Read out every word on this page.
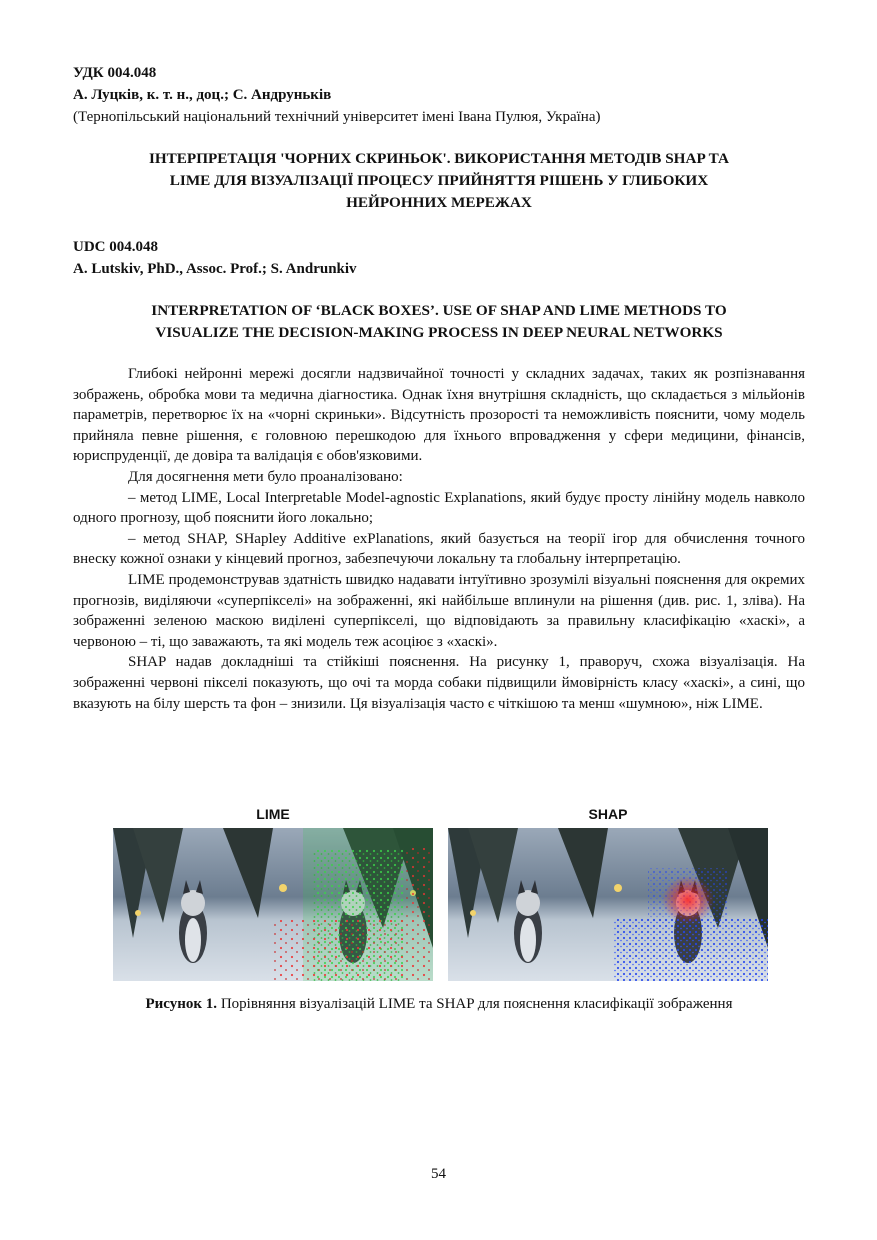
УДК 004.048
А. Луцків, к. т. н., доц.; С. Андруньків
(Тернопільський національний технічний університет імені Івана Пулюя, Україна)
ІНТЕРПРЕТАЦІЯ 'ЧОРНИХ СКРИНЬОК'. ВИКОРИСТАННЯ МЕТОДІВ SHAP ТА
LIME ДЛЯ ВІЗУАЛІЗАЦІЇ ПРОЦЕСУ ПРИЙНЯТТЯ РІШЕНЬ У ГЛИБОКИХ
НЕЙРОННИХ МЕРЕЖАХ
UDC 004.048
A. Lutskiv, PhD., Assoc. Prof.; S. Andrunkiv
INTERPRETATION OF ‘BLACK BOXES’. USE OF SHAP AND LIME METHODS TO
VISUALIZE THE DECISION-MAKING PROCESS IN DEEP NEURAL NETWORKS

Глибокі нейронні мережі досягли надзвичайної точності у складних задачах, таких як розпізнавання зображень, обробка мови та медична діагностика. Однак їхня внутрішня складність, що складається з мільйонів параметрів, перетворює їх на «чорні скриньки». Відсутність прозорості та неможливість пояснити, чому модель прийняла певне рішення, є головною перешкодою для їхнього впровадження у сфери медицини, фінансів, юриспруденції, де довіра та валідація є обов'язковими.

Для досягнення мети було проаналізовано:

– метод LIME, Local Interpretable Model-agnostic Explanations, який будує просту лінійну модель навколо одного прогнозу, щоб пояснити його локально;

– метод SHAP, SHapley Additive exPlanations, який базується на теорії ігор для обчислення точного внеску кожної ознаки у кінцевий прогноз, забезпечуючи локальну та глобальну інтерпретацію.

LIME продемонстрував здатність швидко надавати інтуїтивно зрозумілі візуальні пояснення для окремих прогнозів, виділяючи «суперпікселі» на зображенні, які найбільше вплинули на рішення (див. рис. 1, зліва). На зображенні зеленою маскою виділені суперпікселі, що відповідають за правильну класифікацію «хаскі», а червоною – ті, що заважають, та які модель теж асоціює з «хаскі».

SHAP надав докладніші та стійкіші пояснення. На рисунку 1, праворуч, схожа візуалізація. На зображенні червоні пікселі показують, що очі та морда собаки підвищили ймовірність класу «хаскі», а сині, що вказують на білу шерсть та фон – знизили. Ця візуалізація часто є чіткішою та менш «шумною», ніж LIME.

LIME	SHAP
Рисунок 1. Порівняння візуалізацій LIME та SHAP для пояснення класифікації зображення
54
